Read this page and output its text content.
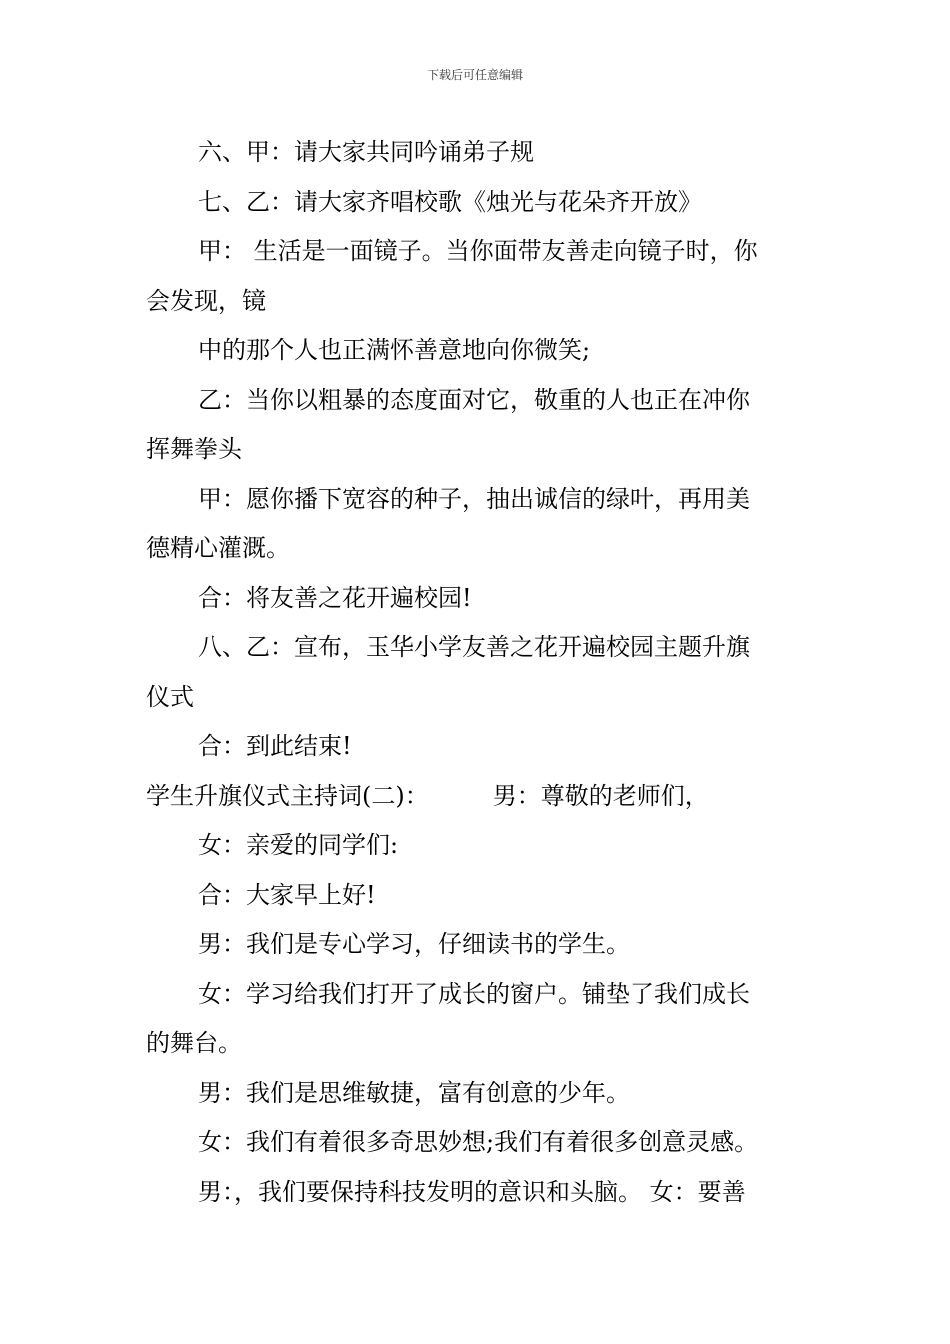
下载后可任意编辑
六、甲：请大家共同吟诵弟子规
七、乙：请大家齐唱校歌《烛光与花朵齐开放》
甲： 生活是一面镜子。当你面带友善走向镜子时，你
会发现，镜
中的那个人也正满怀善意地向你微笑;
乙：当你以粗暴的态度面对它，敬重的人也正在冲你
挥舞拳头
甲：愿你播下宽容的种子，抽出诚信的绿叶，再用美
德精心灌溉。
合：将友善之花开遍校园!
八、乙：宣布，玉华小学友善之花开遍校园主题升旗
仪式
合：到此结束!
学生升旗仪式主持词(二)：	男：尊敬的老师们，
女：亲爱的同学们:
合：大家早上好!
男：我们是专心学习，仔细读书的学生。
女：学习给我们打开了成长的窗户。铺垫了我们成长
的舞台。
男：我们是思维敏捷，富有创意的少年。
女：我们有着很多奇思妙想;我们有着很多创意灵感。
男：，我们要保持科技发明的意识和头脑。 女：要善
